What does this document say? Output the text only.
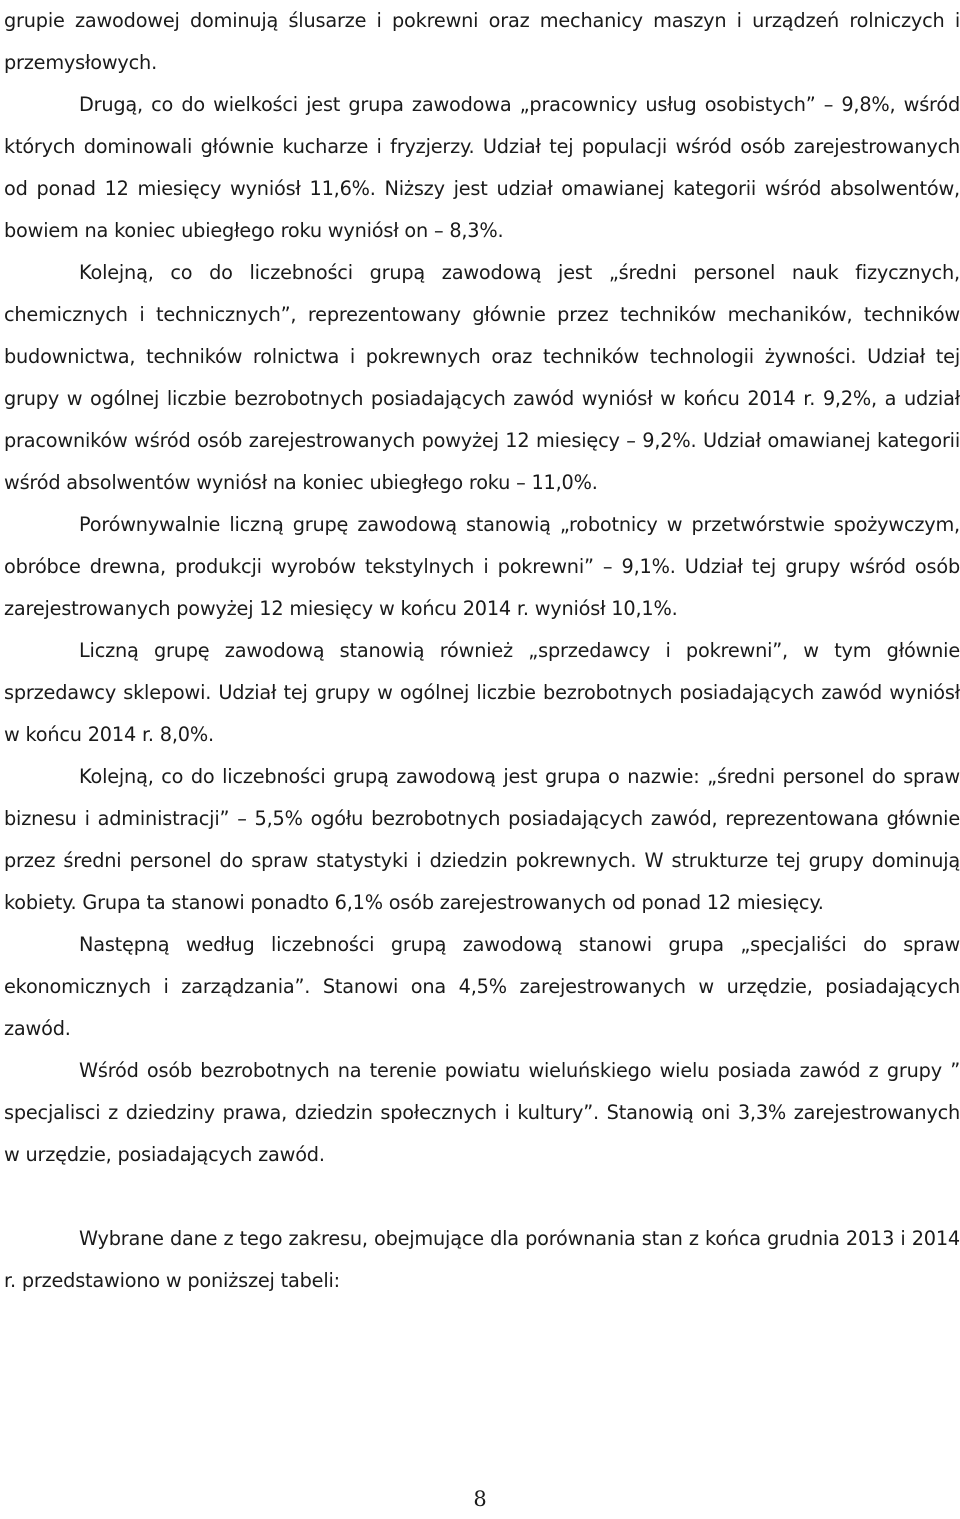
grupie zawodowej dominują ślusarze i pokrewni oraz mechanicy maszyn i urządzeń rolniczych i przemysłowych.

Drugą, co do wielkości jest grupa zawodowa „pracownicy usług osobistych” – 9,8%, wśród których dominowali głównie kucharze i fryzjerzy. Udział tej populacji wśród osób zarejestrowanych od ponad 12 miesięcy wyniósł 11,6%. Niższy jest udział omawianej kategorii wśród absolwentów, bowiem na koniec ubiegłego roku wyniósł on – 8,3%.

Kolejną, co do liczebności grupą zawodową jest „średni personel nauk fizycznych, chemicznych i technicznych”, reprezentowany głównie przez techników mechaników, techników budownictwa, techników rolnictwa i pokrewnych oraz techników technologii żywności. Udział tej grupy w ogólnej liczbie bezrobotnych posiadających zawód wyniósł w końcu 2014 r. 9,2%, a udział pracowników wśród osób zarejestrowanych powyżej 12 miesięcy – 9,2%. Udział omawianej kategorii wśród absolwentów wyniósł na koniec ubiegłego roku – 11,0%.

Porównywalnie liczną grupę zawodową stanowią „robotnicy w przetwórstwie spożywczym, obróbce drewna, produkcji wyrobów tekstylnych i pokrewni” – 9,1%. Udział tej grupy wśród osób zarejestrowanych powyżej 12 miesięcy w końcu 2014 r. wyniósł 10,1%.

Liczną grupę zawodową stanowią również „sprzedawcy i pokrewni”, w tym głównie sprzedawcy sklepowi. Udział tej grupy w ogólnej liczbie bezrobotnych posiadających zawód wyniósł w końcu 2014 r. 8,0%.

Kolejną, co do liczebności grupą zawodową jest grupa o nazwie: „średni personel do spraw biznesu i administracji” – 5,5% ogółu bezrobotnych posiadających zawód, reprezentowana głównie przez średni personel do spraw statystyki i dziedzin pokrewnych. W strukturze tej grupy dominują kobiety. Grupa ta stanowi ponadto 6,1% osób zarejestrowanych od ponad 12 miesięcy.

Następną według liczebności grupą zawodową stanowi grupa „specjaliści do spraw ekonomicznych i zarządzania”. Stanowi ona 4,5% zarejestrowanych w urzędzie, posiadających zawód.

Wśród osób bezrobotnych na terenie powiatu wieluńskiego wielu posiada zawód z grupy ” specjalisci z dziedziny prawa, dziedzin społecznych i kultury”. Stanowią oni 3,3% zarejestrowanych w urzędzie, posiadających zawód.

Wybrane dane z tego zakresu, obejmujące dla porównania stan z końca grudnia 2013 i 2014 r. przedstawiono w poniższej tabeli:

8
